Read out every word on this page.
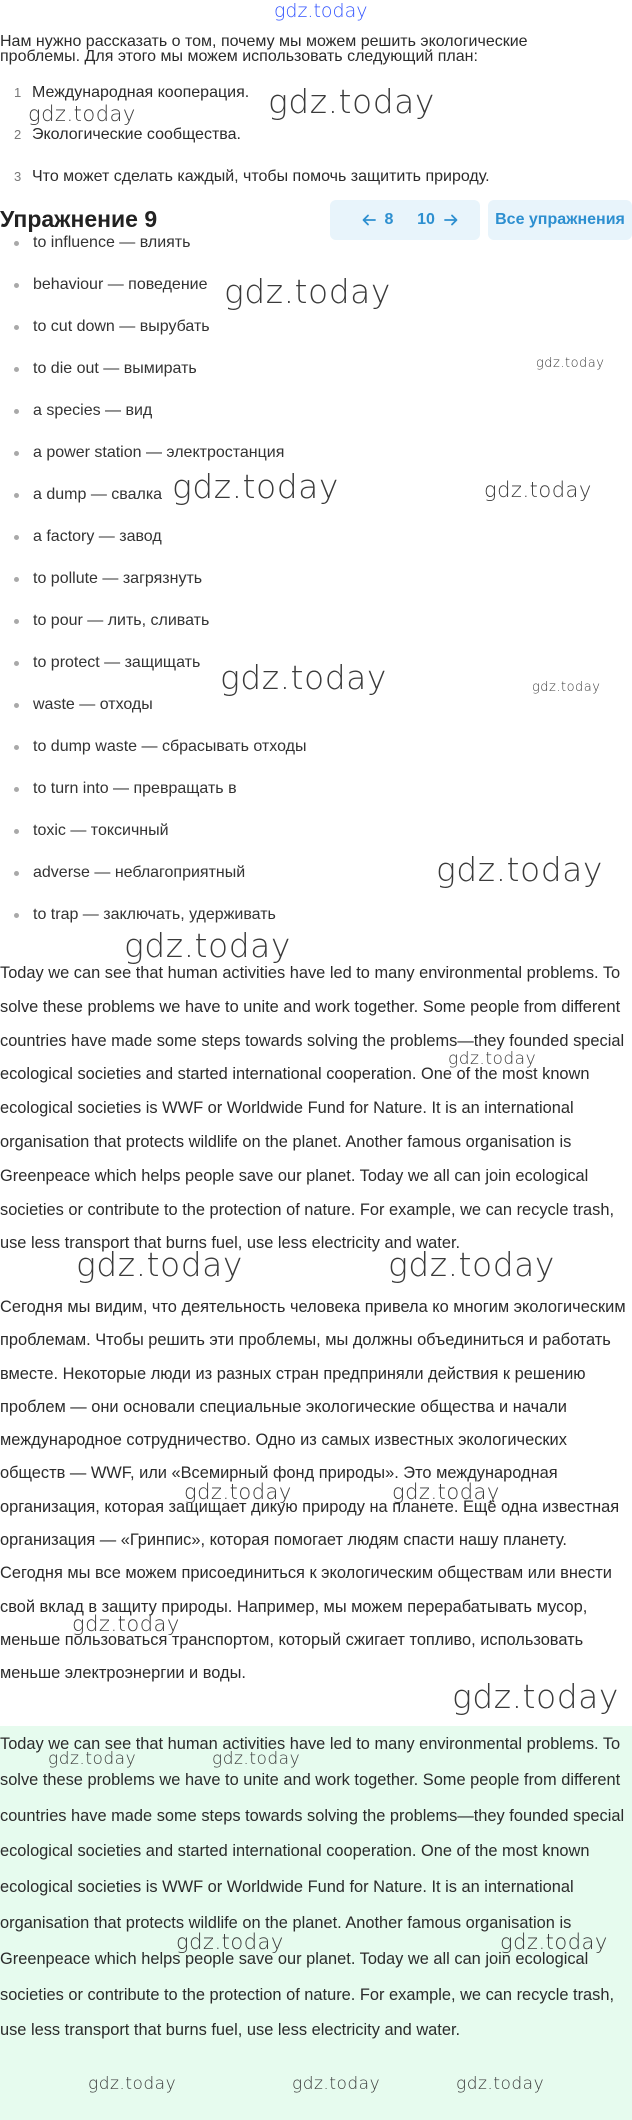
gdz.today

Нам нужно рассказать о том, почему мы можем решить экологические

проблемы. Для этого мы можем использовать следующий план:
1 Международная кооперация.
2 Экологические сообщества.
3 Что может сделать каждый, чтобы помочь защитить природу.
Упражнение 9	8 10	Все упражнения
to influence — влиять
behaviour — поведение
to cut down — вырубать
to die out — вымирать
a species — вид
a power station — электростанция
a dump — свалка
a factory — завод
to pollute — загрязнуть
to pour — лить, сливать
to protect — защищать
waste — отходы
to dump waste — сбрасывать отходы
to turn into — превращать в
toxic — токсичный
adverse — неблагоприятный
to trap — заключать, удерживать

Today we can see that human activities have led to many environmental problems. To solve these problems we have to unite and work together. Some people from different countries have made some steps towards solving the problems—they founded special ecological societies and started international cooperation. One of the most known ecological societies is WWF or Worldwide Fund for Nature. It is an international organisation that protects wildlife on the planet. Another famous organisation is Greenpeace which helps people save our planet. Today we all can join ecological societies or contribute to the protection of nature. For example, we can recycle trash, use less transport that burns fuel, use less electricity and water.

Сегодня мы видим, что деятельность человека привела ко многим экологическим проблемам. Чтобы решить эти проблемы, мы должны объединиться и работать вместе. Некоторые люди из разных стран предприняли действия к решению проблем — они основали специальные экологические общества и начали международное сотрудничество. Одно из самых известных экологических обществ — WWF, или «Всемирный фонд природы». Это международная организация, которая защищает дикую природу на планете. Ещё одна известная организация — «Гринпис», которая помогает людям спасти нашу планету. Сегодня мы все можем присоединиться к экологическим обществам или внести свой вклад в защиту природы. Например, мы можем перерабатывать мусор, меньше пользоваться транспортом, который сжигает топливо, использовать меньше электроэнергии и воды.

Today we can see that human activities have led to many environmental problems. To solve these problems we have to unite and work together. Some people from different countries have made some steps towards solving the problems—they founded special ecological societies and started international cooperation. One of the most known ecological societies is WWF or Worldwide Fund for Nature. It is an international organisation that protects wildlife on the planet. Another famous organisation is Greenpeace which helps people save our planet. Today we all can join ecological societies or contribute to the protection of nature. For example, we can recycle trash, use less transport that burns fuel, use less electricity and water.

gdz.today
gdz.today
gdz.today
gdz.today
gdz.today	gdz.today
gdz.today	gdz.today
gdz.today
gdz.today
gdz.today
gdz.today	gdz.today
gdz.today	gdz.today
gdz.today
gdz.today
gdz.today	gdz.today
gdz.today	gdz.today
gdz.today	gdz.today	gdz.today
